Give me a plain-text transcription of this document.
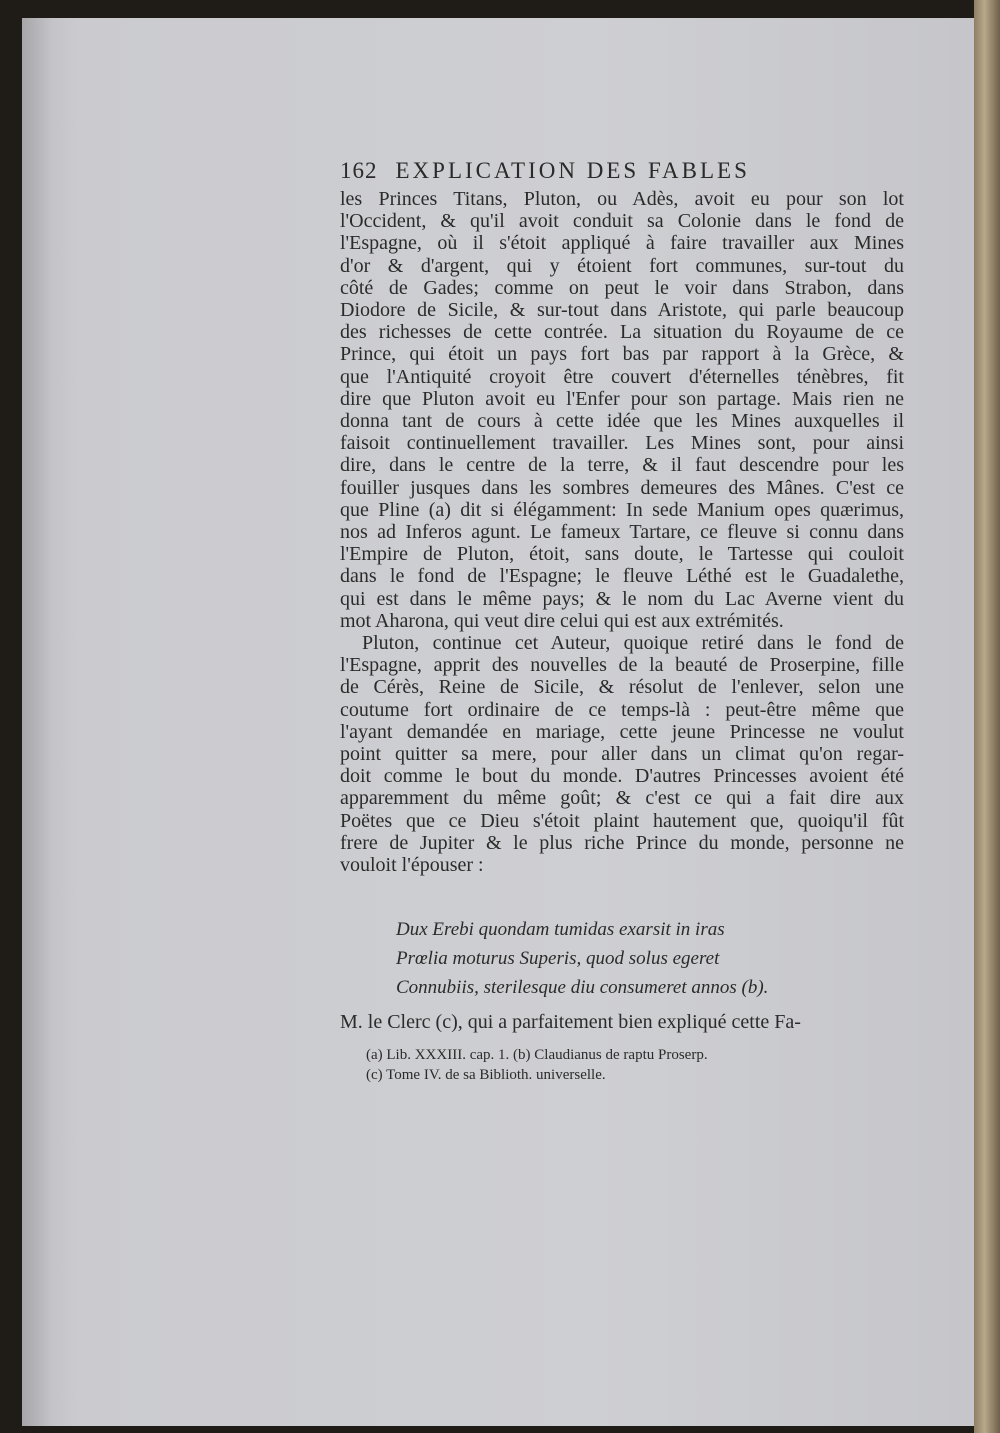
162 EXPLICATION DES FABLES
les Princes Titans, Pluton, ou Adès, avoit eu pour son lot
l'Occident, & qu'il avoit conduit sa Colonie dans le fond de
l'Espagne, où il s'étoit appliqué à faire travailler aux Mines
d'or & d'argent, qui y étoient fort communes, sur-tout du
côté de Gades; comme on peut le voir dans Strabon, dans
Diodore de Sicile, & sur-tout dans Aristote, qui parle beaucoup
des richesses de cette contrée. La situation du Royaume de ce
Prince, qui étoit un pays fort bas par rapport à la Grèce, &
que l'Antiquité croyoit être couvert d'éternelles ténèbres, fit
dire que Pluton avoit eu l'Enfer pour son partage. Mais rien ne
donna tant de cours à cette idée que les Mines auxquelles il
faisoit continuellement travailler. Les Mines sont, pour ainsi
dire, dans le centre de la terre, & il faut descendre pour les
fouiller jusques dans les sombres demeures des Mânes. C'est ce
que Pline (a) dit si élégamment: In sede Manium opes quærimus,
nos ad Inferos agunt. Le fameux Tartare, ce fleuve si connu dans
l'Empire de Pluton, étoit, sans doute, le Tartesse qui couloit
dans le fond de l'Espagne; le fleuve Léthé est le Guadalethe,
qui est dans le même pays; & le nom du Lac Averne vient du
mot Aharona, qui veut dire celui qui est aux extrémités.
Pluton, continue cet Auteur, quoique retiré dans le fond de
l'Espagne, apprit des nouvelles de la beauté de Proserpine, fille
de Cérès, Reine de Sicile, & résolut de l'enlever, selon une
coutume fort ordinaire de ce temps-là : peut-être même que
l'ayant demandée en mariage, cette jeune Princesse ne voulut
point quitter sa mere, pour aller dans un climat qu'on regar-
doit comme le bout du monde. D'autres Princesses avoient été
apparemment du même goût; & c'est ce qui a fait dire aux
Poëtes que ce Dieu s'étoit plaint hautement que, quoiqu'il fût
frere de Jupiter & le plus riche Prince du monde, personne ne
vouloit l'épouser :
Dux Erebi quondam tumidas exarsit in iras
Prœlia moturus Superis, quod solus egeret
Connubiis, sterilesque diu consumeret annos (b).
M. le Clerc (c), qui a parfaitement bien expliqué cette Fa-
(a) Lib. XXXIII. cap. 1. (b) Claudianus de raptu Proserp.
(c) Tome IV. de sa Biblioth. universelle.
